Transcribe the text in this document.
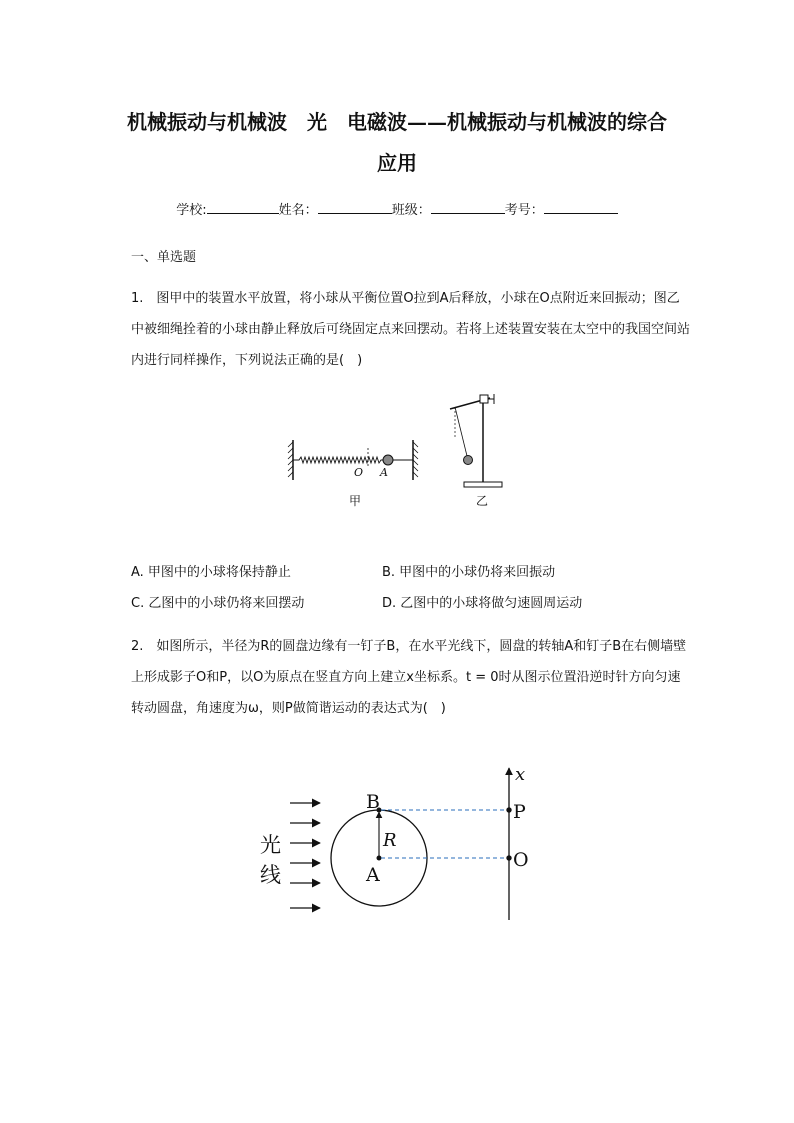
机械振动与机械波　光　电磁波——机械振动与机械波的综合
应用
学校:	姓名：	班级：	考号：
一、单选题
1.　图甲中的装置水平放置，将小球从平衡位置O拉到A后释放，小球在O点附近来回振动；图乙中被细绳拴着的小球由静止释放后可绕固定点来回摆动。若将上述装置安装在太空中的我国空间站内进行同样操作，下列说法正确的是(　)
O A
甲	乙
A. 甲图中的小球将保持静止	B. 甲图中的小球仍将来回振动
C. 乙图中的小球仍将来回摆动	D. 乙图中的小球将做匀速圆周运动
2.　如图所示，半径为R的圆盘边缘有一钉子B，在水平光线下，圆盘的转轴A和钉子B在右侧墙壁上形成影子O和P，以O为原点在竖直方向上建立x坐标系。t = 0时从图示位置沿逆时针方向匀速转动圆盘，角速度为ω，则P做简谐运动的表达式为(　)
光
线
B
R
A
P
O
x
